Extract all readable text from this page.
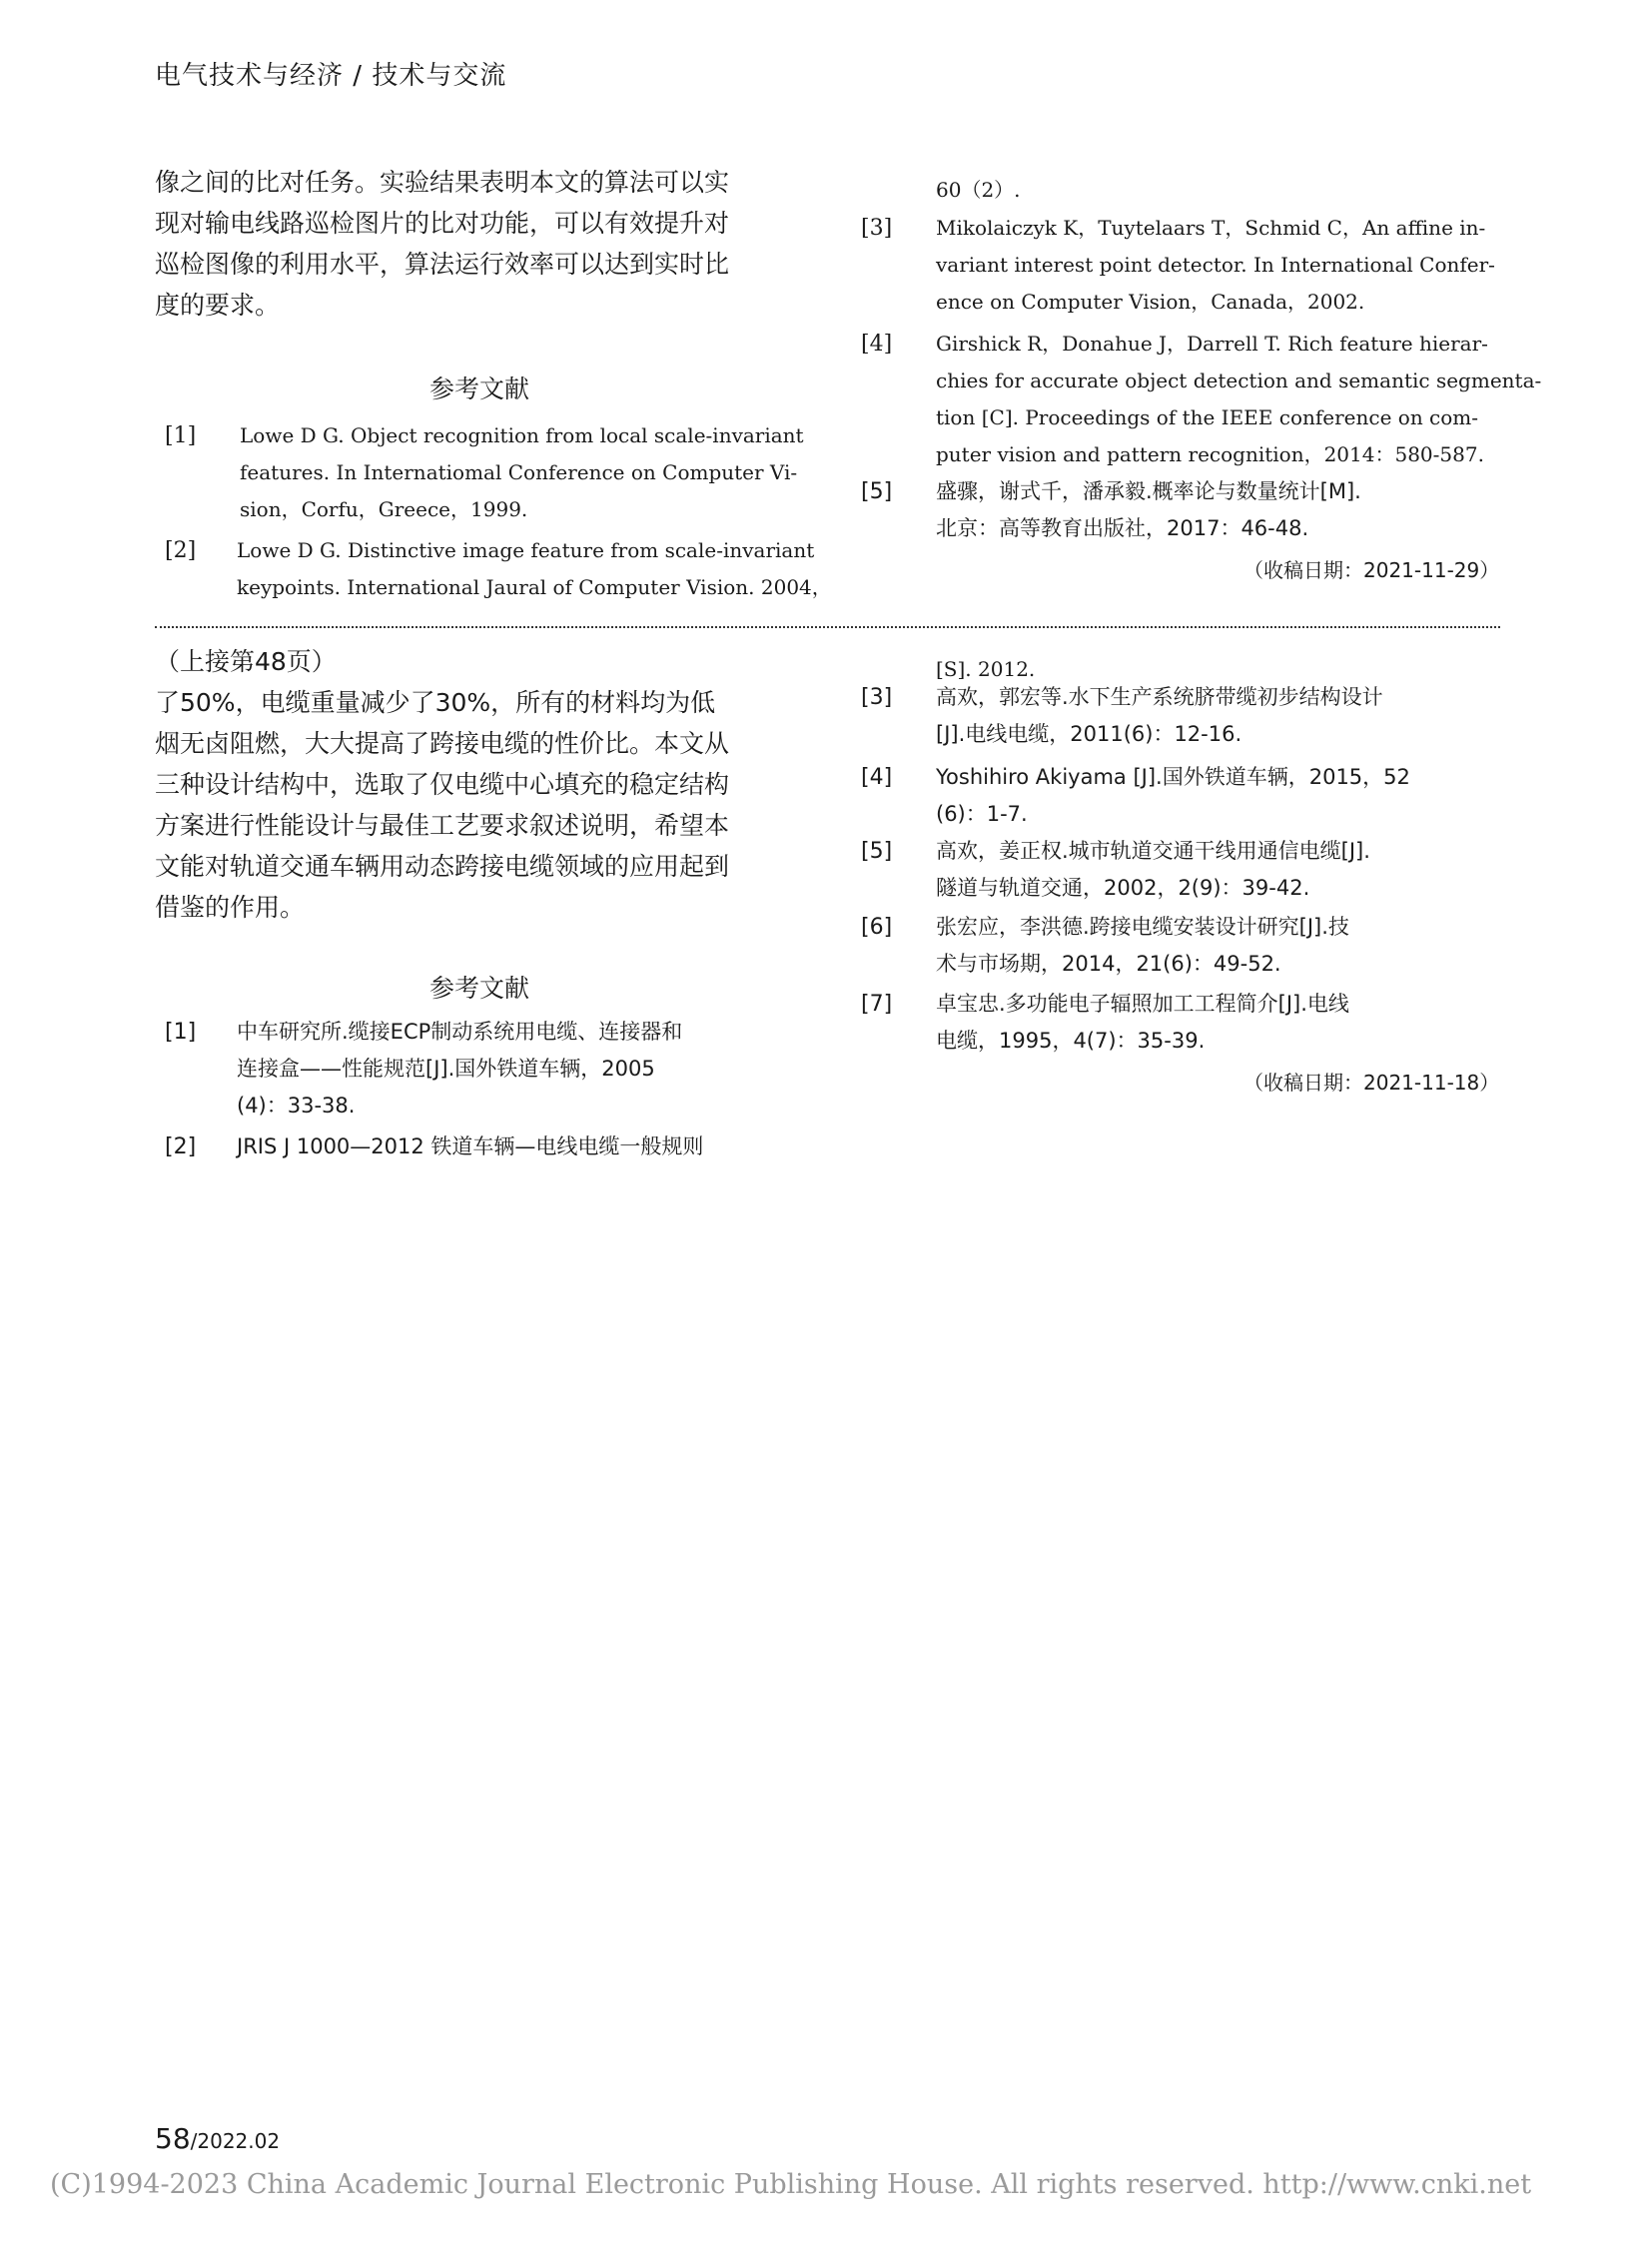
电气技术与经济 / 技术与交流
像之间的比对任务。实验结果表明本文的算法可以实
现对输电线路巡检图片的比对功能，可以有效提升对
巡检图像的利用水平，算法运行效率可以达到实时比
度的要求。
参考文献
[1] Lowe D G. Object recognition from local scale-invariant
features. In Internatiomal Conference on Computer Vi-
sion，Corfu，Greece，1999.
[2] Lowe D G. Distinctive image feature from scale-invariant
keypoints. International Jaural of Computer Vision. 2004，
60（2）.
[3] Mikolaiczyk K，Tuytelaars T，Schmid C，An affine in-
variant interest point detector. In International Confer-
ence on Computer Vision，Canada，2002.
[4] Girshick R，Donahue J，Darrell T. Rich feature hierar-
chies for accurate object detection and semantic segmenta-
tion [C]. Proceedings of the IEEE conference on com-
puter vision and pattern recognition，2014：580-587.
[5] 盛骤，谢式千，潘承毅.概率论与数量统计[M].
北京：高等教育出版社，2017：46-48.
（收稿日期：2021-11-29）
（上接第48页）
了50%，电缆重量减少了30%，所有的材料均为低
烟无卤阻燃，大大提高了跨接电缆的性价比。本文从
三种设计结构中，选取了仅电缆中心填充的稳定结构
方案进行性能设计与最佳工艺要求叙述说明，希望本
文能对轨道交通车辆用动态跨接电缆领域的应用起到
借鉴的作用。
参考文献
[1] 中车研究所.缆接ECP制动系统用电缆、连接器和
连接盒——性能规范[J].国外铁道车辆，2005
(4)：33-38.
[2] JRIS J 1000—2012 铁道车辆—电线电缆一般规则
[S]. 2012.
[3] 高欢，郭宏等.水下生产系统脐带缆初步结构设计
[J].电线电缆，2011(6)：12-16.
[4] Yoshihiro Akiyama [J].国外铁道车辆，2015，52
(6)：1-7.
[5] 高欢，姜正权.城市轨道交通干线用通信电缆[J].
隧道与轨道交通，2002，2(9)：39-42.
[6] 张宏应，李洪德.跨接电缆安装设计研究[J].技
术与市场期，2014，21(6)：49-52.
[7] 卓宝忠.多功能电子辐照加工工程简介[J].电线
电缆，1995，4(7)：35-39.
（收稿日期：2021-11-18）
58/2022.02
(C)1994-2023 China Academic Journal Electronic Publishing House. All rights reserved. http://www.cnki.net
